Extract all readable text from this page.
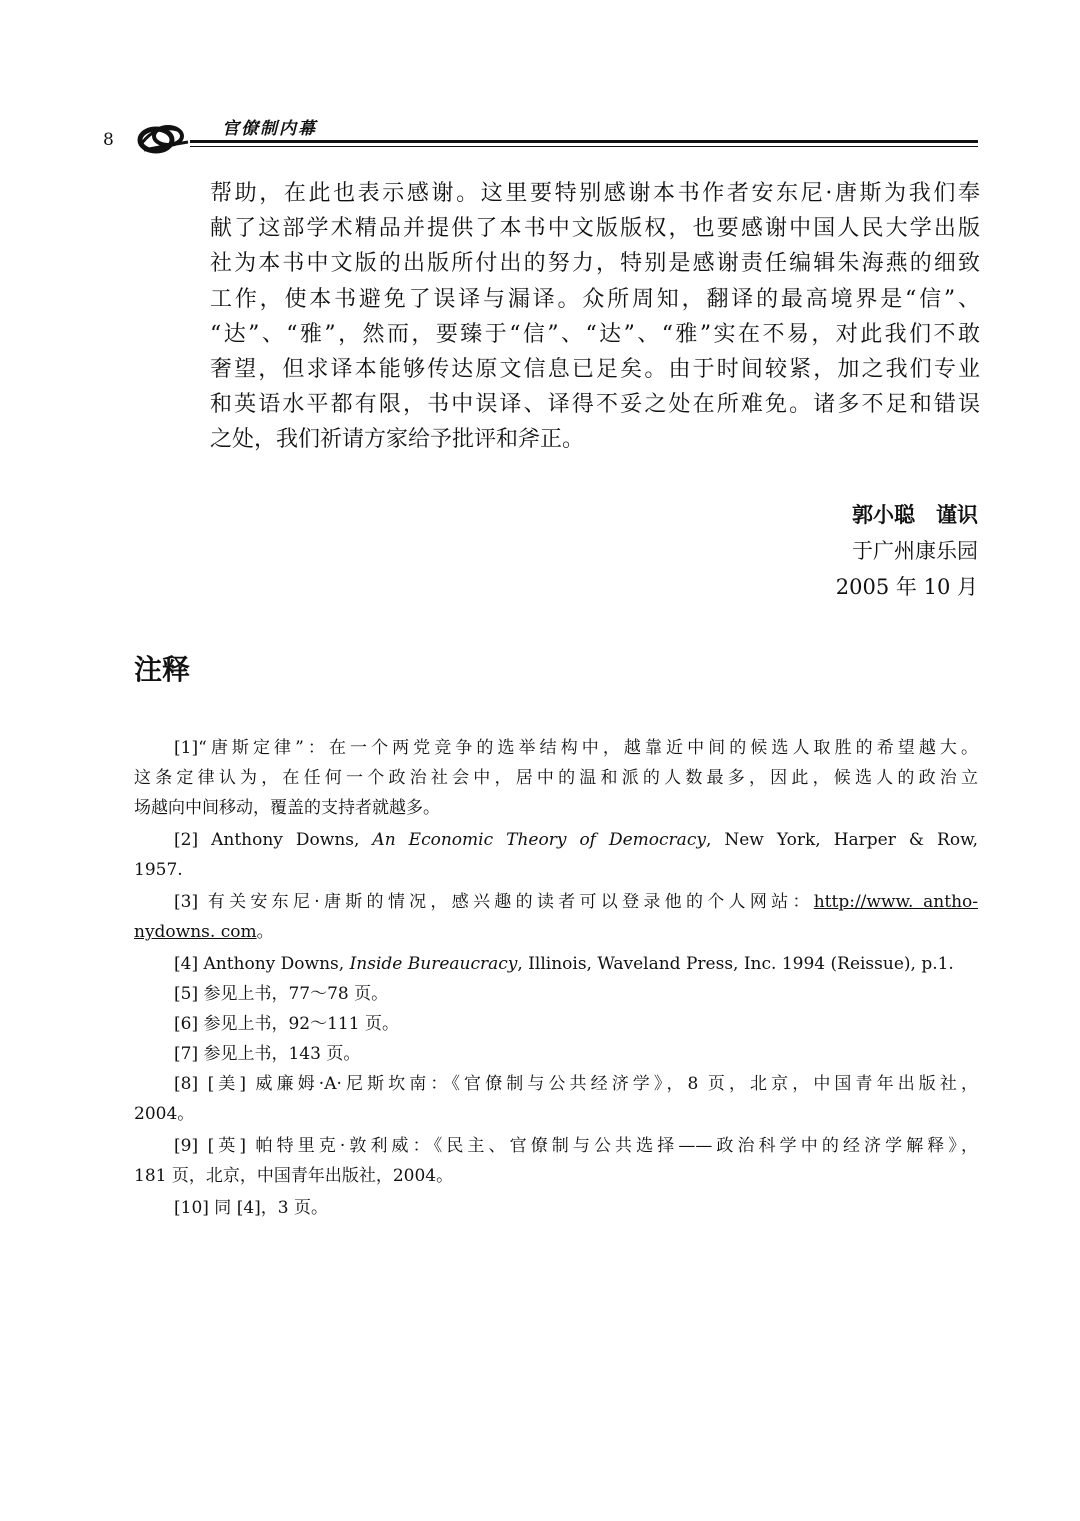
8
官僚制内幕
帮助，在此也表示感谢。这里要特别感谢本书作者安东尼·唐斯为我们奉
献了这部学术精品并提供了本书中文版版权，也要感谢中国人民大学出版
社为本书中文版的出版所付出的努力，特别是感谢责任编辑朱海燕的细致
工作，使本书避免了误译与漏译。众所周知，翻译的最高境界是“信”、
“达”、“雅”，然而，要臻于“信”、“达”、“雅”实在不易，对此我们不敢
奢望，但求译本能够传达原文信息已足矣。由于时间较紧，加之我们专业
和英语水平都有限，书中误译、译得不妥之处在所难免。诸多不足和错误
之处，我们祈请方家给予批评和斧正。
郭小聪　谨识
于广州康乐园
2005 年 10 月
注释
[1]“唐斯定律”：在一个两党竞争的选举结构中，越靠近中间的候选人取胜的希望越大。
这条定律认为，在任何一个政治社会中，居中的温和派的人数最多，因此，候选人的政治立
场越向中间移动，覆盖的支持者就越多。
[2] Anthony Downs, An Economic Theory of Democracy, New York, Harper & Row,
1957.
[3] 有关安东尼·唐斯的情况，感兴趣的读者可以登录他的个人网站：http://www. antho-
nydowns. com。
[4] Anthony Downs, Inside Bureaucracy, Illinois, Waveland Press, Inc. 1994 (Reissue), p.1.
[5] 参见上书，77～78 页。
[6] 参见上书，92～111 页。
[7] 参见上书，143 页。
[8] [美] 威廉姆·A·尼斯坎南：《官僚制与公共经济学》，8 页，北京，中国青年出版社，
2004。
[9] [英] 帕特里克·敦利威：《民主、官僚制与公共选择——政治科学中的经济学解释》，
181 页，北京，中国青年出版社，2004。
[10] 同 [4]，3 页。
